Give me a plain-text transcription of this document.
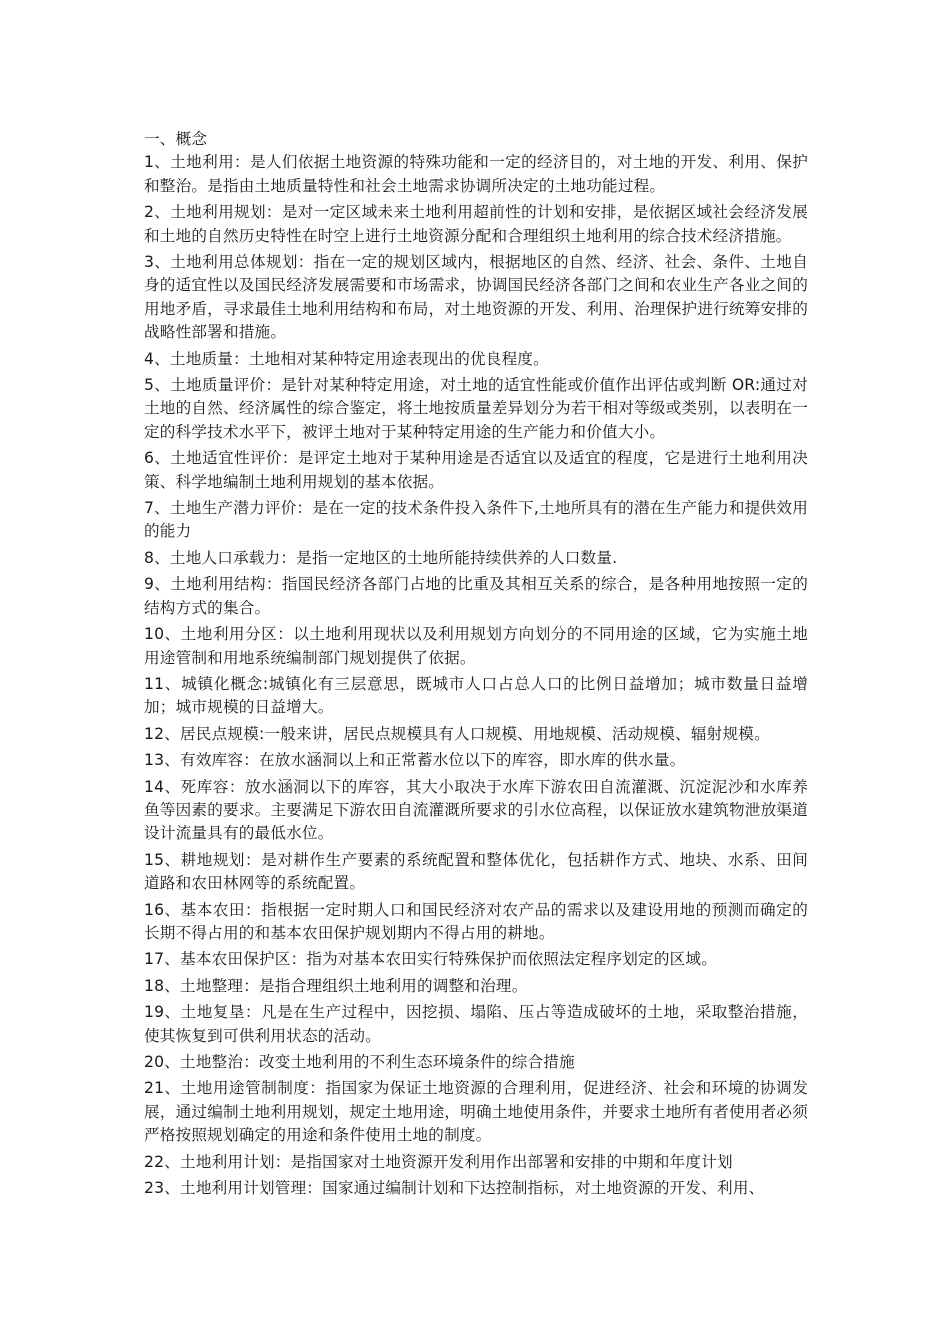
一、概念

1、土地利用：是人们依据土地资源的特殊功能和一定的经济目的，对土地的开发、利用、保护和整治。是指由土地质量特性和社会土地需求协调所决定的土地功能过程。

2、土地利用规划：是对一定区域未来土地利用超前性的计划和安排，是依据区域社会经济发展和土地的自然历史特性在时空上进行土地资源分配和合理组织土地利用的综合技术经济措施。

3、土地利用总体规划：指在一定的规划区域内，根据地区的自然、经济、社会、条件、土地自身的适宜性以及国民经济发展需要和市场需求，协调国民经济各部门之间和农业生产各业之间的用地矛盾，寻求最佳土地利用结构和布局，对土地资源的开发、利用、治理保护进行统筹安排的战略性部署和措施。

4、土地质量：土地相对某种特定用途表现出的优良程度。

5、土地质量评价：是针对某种特定用途，对土地的适宜性能或价值作出评估或判断 OR:通过对土地的自然、经济属性的综合鉴定，将土地按质量差异划分为若干相对等级或类别，以表明在一定的科学技术水平下，被评土地对于某种特定用途的生产能力和价值大小。

6、土地适宜性评价：是评定土地对于某种用途是否适宜以及适宜的程度，它是进行土地利用决策、科学地编制土地利用规划的基本依据。

7、土地生产潜力评价：是在一定的技术条件投入条件下,土地所具有的潜在生产能力和提供效用的能力

8、土地人口承载力：是指一定地区的土地所能持续供养的人口数量.

9、土地利用结构：指国民经济各部门占地的比重及其相互关系的综合，是各种用地按照一定的结构方式的集合。

10、土地利用分区：以土地利用现状以及利用规划方向划分的不同用途的区域，它为实施土地用途管制和用地系统编制部门规划提供了依据。

11、城镇化概念:城镇化有三层意思，既城市人口占总人口的比例日益增加；城市数量日益增加；城市规模的日益增大。

12、居民点规模:一般来讲，居民点规模具有人口规模、用地规模、活动规模、辐射规模。

13、有效库容：在放水涵洞以上和正常蓄水位以下的库容，即水库的供水量。

14、死库容：放水涵洞以下的库容，其大小取决于水库下游农田自流灌溉、沉淀泥沙和水库养鱼等因素的要求。主要满足下游农田自流灌溉所要求的引水位高程，以保证放水建筑物泄放渠道设计流量具有的最低水位。

15、耕地规划：是对耕作生产要素的系统配置和整体优化，包括耕作方式、地块、水系、田间道路和农田林网等的系统配置。

16、基本农田：指根据一定时期人口和国民经济对农产品的需求以及建设用地的预测而确定的长期不得占用的和基本农田保护规划期内不得占用的耕地。

17、基本农田保护区：指为对基本农田实行特殊保护而依照法定程序划定的区域。

18、土地整理：是指合理组织土地利用的调整和治理。

19、土地复垦：凡是在生产过程中，因挖损、塌陷、压占等造成破坏的土地，采取整治措施，使其恢复到可供利用状态的活动。

20、土地整治：改变土地利用的不利生态环境条件的综合措施

21、土地用途管制制度：指国家为保证土地资源的合理利用，促进经济、社会和环境的协调发展，通过编制土地利用规划，规定土地用途，明确土地使用条件，并要求土地所有者使用者必须严格按照规划确定的用途和条件使用土地的制度。

22、土地利用计划：是指国家对土地资源开发利用作出部署和安排的中期和年度计划

23、土地利用计划管理：国家通过编制计划和下达控制指标，对土地资源的开发、利用、
